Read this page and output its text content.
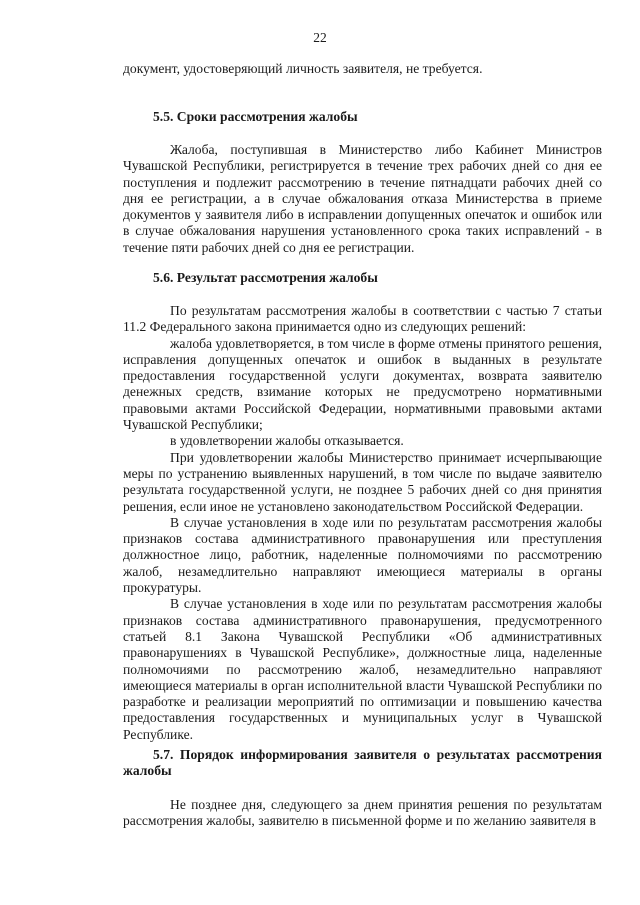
22

документ, удостоверяющий личность заявителя, не требуется.

5.5. Сроки рассмотрения жалобы

Жалоба, поступившая в Министерство либо Кабинет Министров Чувашской Республики, регистрируется в течение трех рабочих дней со дня ее поступления и подлежит рассмотрению в течение пятнадцати рабочих дней со дня ее регистрации, а в случае обжалования отказа Министерства в приеме документов у заявителя либо в исправлении допущенных опечаток и ошибок или в случае обжалования нарушения установленного срока таких исправлений - в течение пяти рабочих дней со дня ее регистрации.

5.6. Результат рассмотрения жалобы

По результатам рассмотрения жалобы в соответствии с частью 7 статьи 11.2 Федерального закона принимается одно из следующих решений:

жалоба удовлетворяется, в том числе в форме отмены принятого решения, исправления допущенных опечаток и ошибок в выданных в результате предоставления государственной услуги документах, возврата заявителю денежных средств, взимание которых не предусмотрено нормативными правовыми актами Российской Федерации, нормативными правовыми актами Чувашской Республики;

в удовлетворении жалобы отказывается.

При удовлетворении жалобы Министерство принимает исчерпывающие меры по устранению выявленных нарушений, в том числе по выдаче заявителю результата государственной услуги, не позднее 5 рабочих дней со дня принятия решения, если иное не установлено законодательством Российской Федерации.

В случае установления в ходе или по результатам рассмотрения жалобы признаков состава административного правонарушения или преступления должностное лицо, работник, наделенные полномочиями по рассмотрению жалоб, незамедлительно направляют имеющиеся материалы в органы прокуратуры.

В случае установления в ходе или по результатам рассмотрения жалобы признаков состава административного правонарушения, предусмотренного статьей 8.1 Закона Чувашской Республики «Об административных правонарушениях в Чувашской Республике», должностные лица, наделенные полномочиями по рассмотрению жалоб, незамедлительно направляют имеющиеся материалы в орган исполнительной власти Чувашской Республики по разработке и реализации мероприятий по оптимизации и повышению качества предоставления государственных и муниципальных услуг в Чувашской Республике.

5.7. Порядок информирования заявителя о результатах рассмотрения жалобы

Не позднее дня, следующего за днем принятия решения по результатам рассмотрения жалобы, заявителю в письменной форме и по желанию заявителя в
